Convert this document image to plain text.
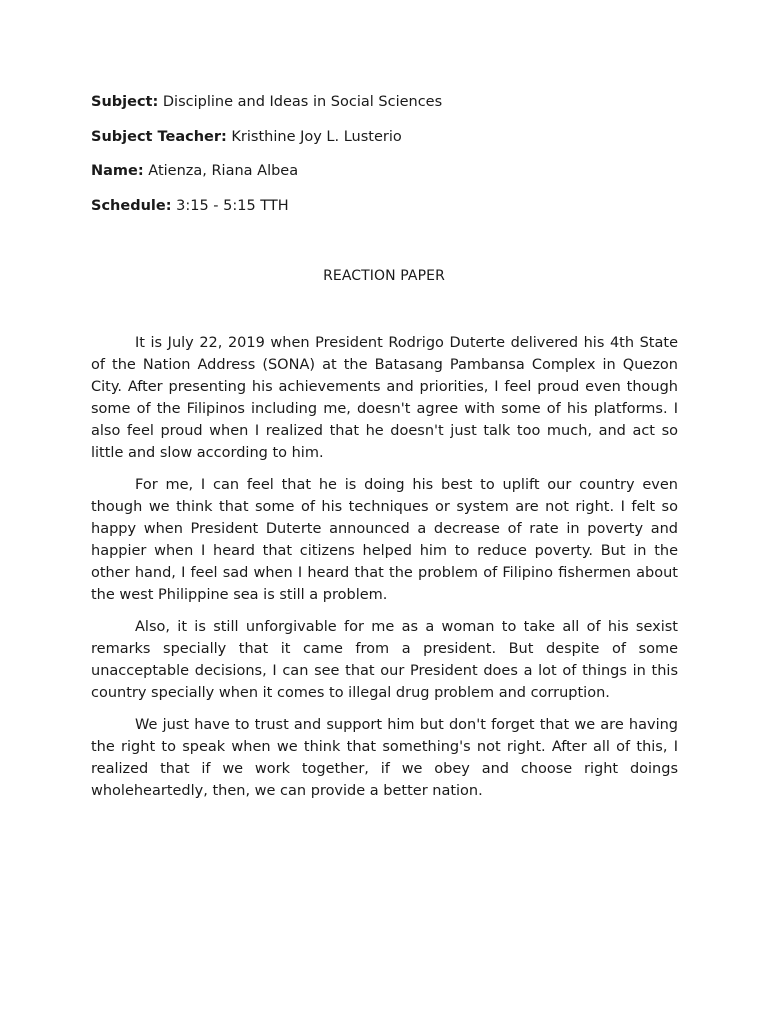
Subject: Discipline and Ideas in Social Sciences
Subject Teacher: Kristhine Joy L. Lusterio
Name: Atienza, Riana Albea
Schedule: 3:15 - 5:15 TTH
REACTION PAPER

It is July 22, 2019 when President Rodrigo Duterte delivered his 4th State of the Nation Address (SONA) at the Batasang Pambansa Complex in Quezon City. After presenting his achievements and priorities, I feel proud even though some of the Filipinos including me, doesn't agree with some of his platforms. I also feel proud when I realized that he doesn't just talk too much, and act so little and slow according to him.

For me, I can feel that he is doing his best to uplift our country even though we think that some of his techniques or system are not right. I felt so happy when President Duterte announced a decrease of rate in poverty and happier when I heard that citizens helped him to reduce poverty. But in the other hand, I feel sad when I heard that the problem of Filipino fishermen about the west Philippine sea is still a problem.

Also, it is still unforgivable for me as a woman to take all of his sexist remarks specially that it came from a president. But despite of some unacceptable decisions, I can see that our President does a lot of things in this country specially when it comes to illegal drug problem and corruption.

We just have to trust and support him but don't forget that we are having the right to speak when we think that something's not right. After all of this, I realized that if we work together, if we obey and choose right doings wholeheartedly, then, we can provide a better nation.
